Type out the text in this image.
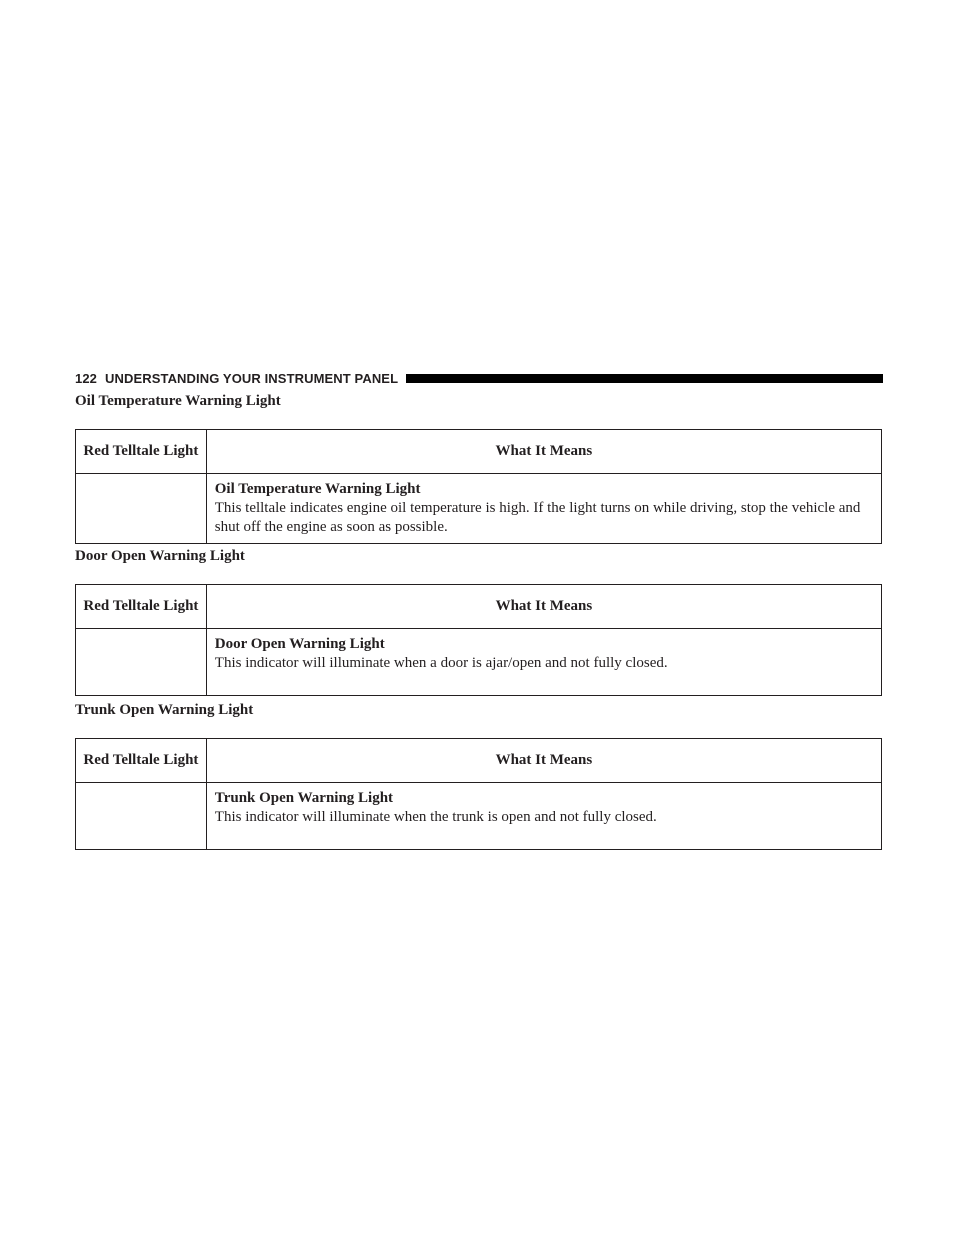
122 UNDERSTANDING YOUR INSTRUMENT PANEL
Oil Temperature Warning Light
Red Telltale Light	What It Means

	Oil Temperature Warning Light
This telltale indicates engine oil temperature is high. If the light turns on while driving, stop the vehicle and shut off the engine as soon as possible.
Door Open Warning Light
Red Telltale Light	What It Means

	Door Open Warning Light
This indicator will illuminate when a door is ajar/open and not fully closed.
Trunk Open Warning Light
Red Telltale Light	What It Means

	Trunk Open Warning Light
This indicator will illuminate when the trunk is open and not fully closed.
